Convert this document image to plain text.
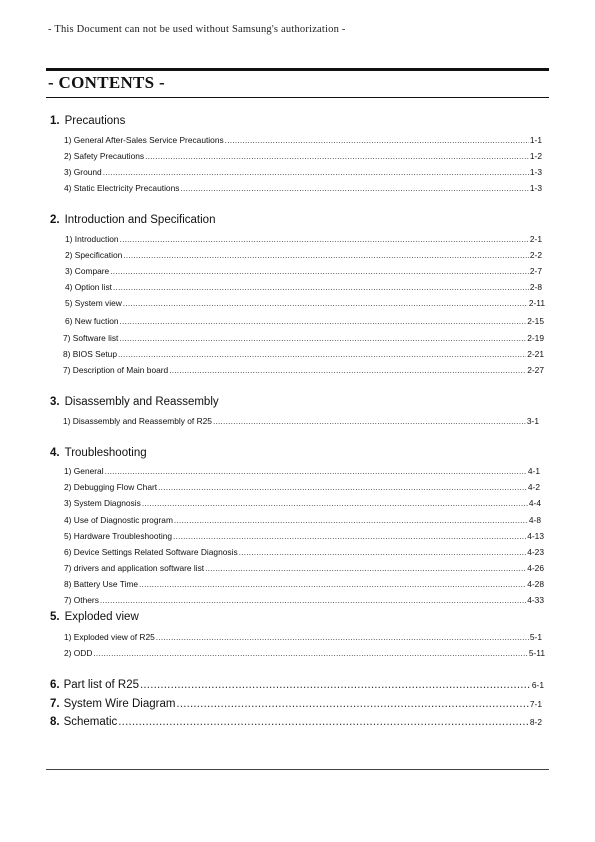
- This Document can not be used without Samsung's authorization -
- CONTENTS -
1. Precautions
1) General After-Sales Service Precautions .....	1-1
2) Safety Precautions .....	1-2
3) Ground .....	1-3
4) Static Electricity Precautions .....	1-3
2. Introduction and Specification
1) Introduction .....	2-1
2) Specification .....	2-2
3) Compare .....	2-7
4) Option list .....	2-8
5) System view .....	2-11
6) New fuction .....	2-15
7) Software list .....	2-19
8) BIOS Setup .....	2-21
7) Description of Main board .....	2-27
3. Disassembly and Reassembly
1) Disassembly and Reassembly of R25 .....	3-1
4. Troubleshooting
1) General .....	4-1
2) Debugging Flow Chart .....	4-2
3) System Diagnosis .....	4-4
4) Use of Diagnostic program .....	4-8
5) Hardware Troubleshooting .....	4-13
6) Device Settings Related Software Diagnosis .....	4-23
7) drivers and application software list .....	4-26
8) Battery Use Time .....	4-28
7) Others .....	4-33
5. Exploded view
1) Exploded view of R25 .....	5-1
2) ODD .....	5-11
6. Part list of R25 .....	6-1
7. System Wire Diagram .....	7-1
8. Schematic .....	8-2
